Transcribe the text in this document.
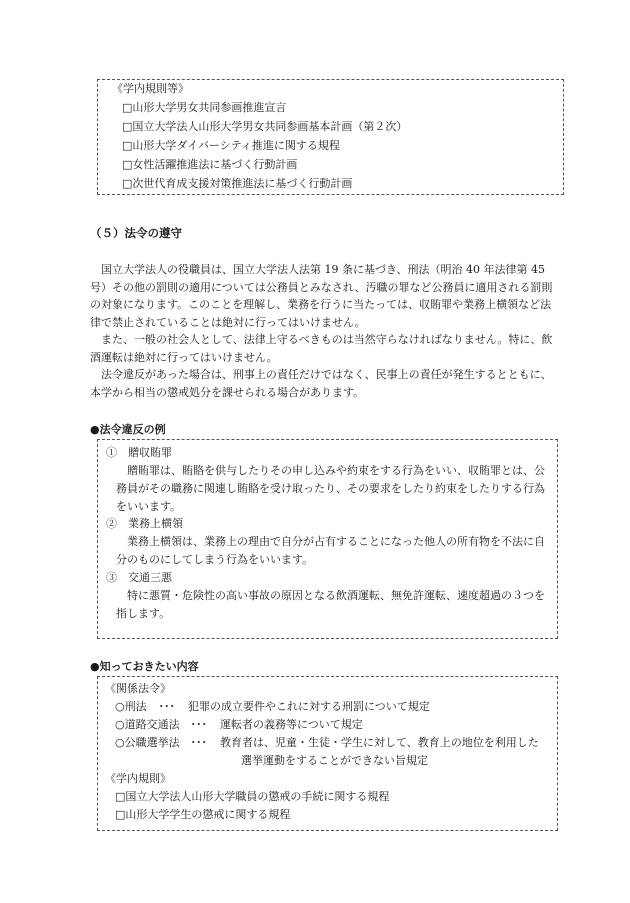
《学内規則等》
□山形大学男女共同参画推進宣言
□国立大学法人山形大学男女共同参画基本計画（第２次）
□山形大学ダイバーシティ推進に関する規程
□女性活躍推進法に基づく行動計画
□次世代育成支援対策推進法に基づく行動計画
（５）法令の遵守

国立大学法人の役職員は、国立大学法人法第 19 条に基づき、刑法（明治 40 年法律第 45 号）その他の罰則の適用については公務員とみなされ、汚職の罪など公務員に適用される罰則の対象になります。このことを理解し、業務を行うに当たっては、収賄罪や業務上横領など法律で禁止されていることは絶対に行ってはいけません。

また、一般の社会人として、法律上守るべきものは当然守らなければなりません。特に、飲酒運転は絶対に行ってはいけません。

法令違反があった場合は、刑事上の責任だけではなく、民事上の責任が発生するとともに、本学から相当の懲戒処分を課せられる場合があります。

●法令違反の例
①　贈収賄罪
贈賄罪は、賄賂を供与したりその申し込みや約束をする行為をいい、収賄罪とは、公務員がその職務に関連し賄賂を受け取ったり、その要求をしたり約束をしたりする行為をいいます。
②　業務上横領
業務上横領は、業務上の理由で自分が占有することになった他人の所有物を不法に自分のものにしてしまう行為をいいます。
③　交通三悪
特に悪質・危険性の高い事故の原因となる飲酒運転、無免許運転、速度超過の３つを指します。
●知っておきたい内容
《関係法令》
○刑法 ･･･ 犯罪の成立要件やこれに対する刑罰について規定
○道路交通法 ･･･ 運転者の義務等について規定
○公職選挙法 ･･･ 教育者は、児童・生徒・学生に対して、教育上の地位を利用した
選挙運動をすることができない旨規定
《学内規則》
□国立大学法人山形大学職員の懲戒の手続に関する規程
□山形大学学生の懲戒に関する規程
